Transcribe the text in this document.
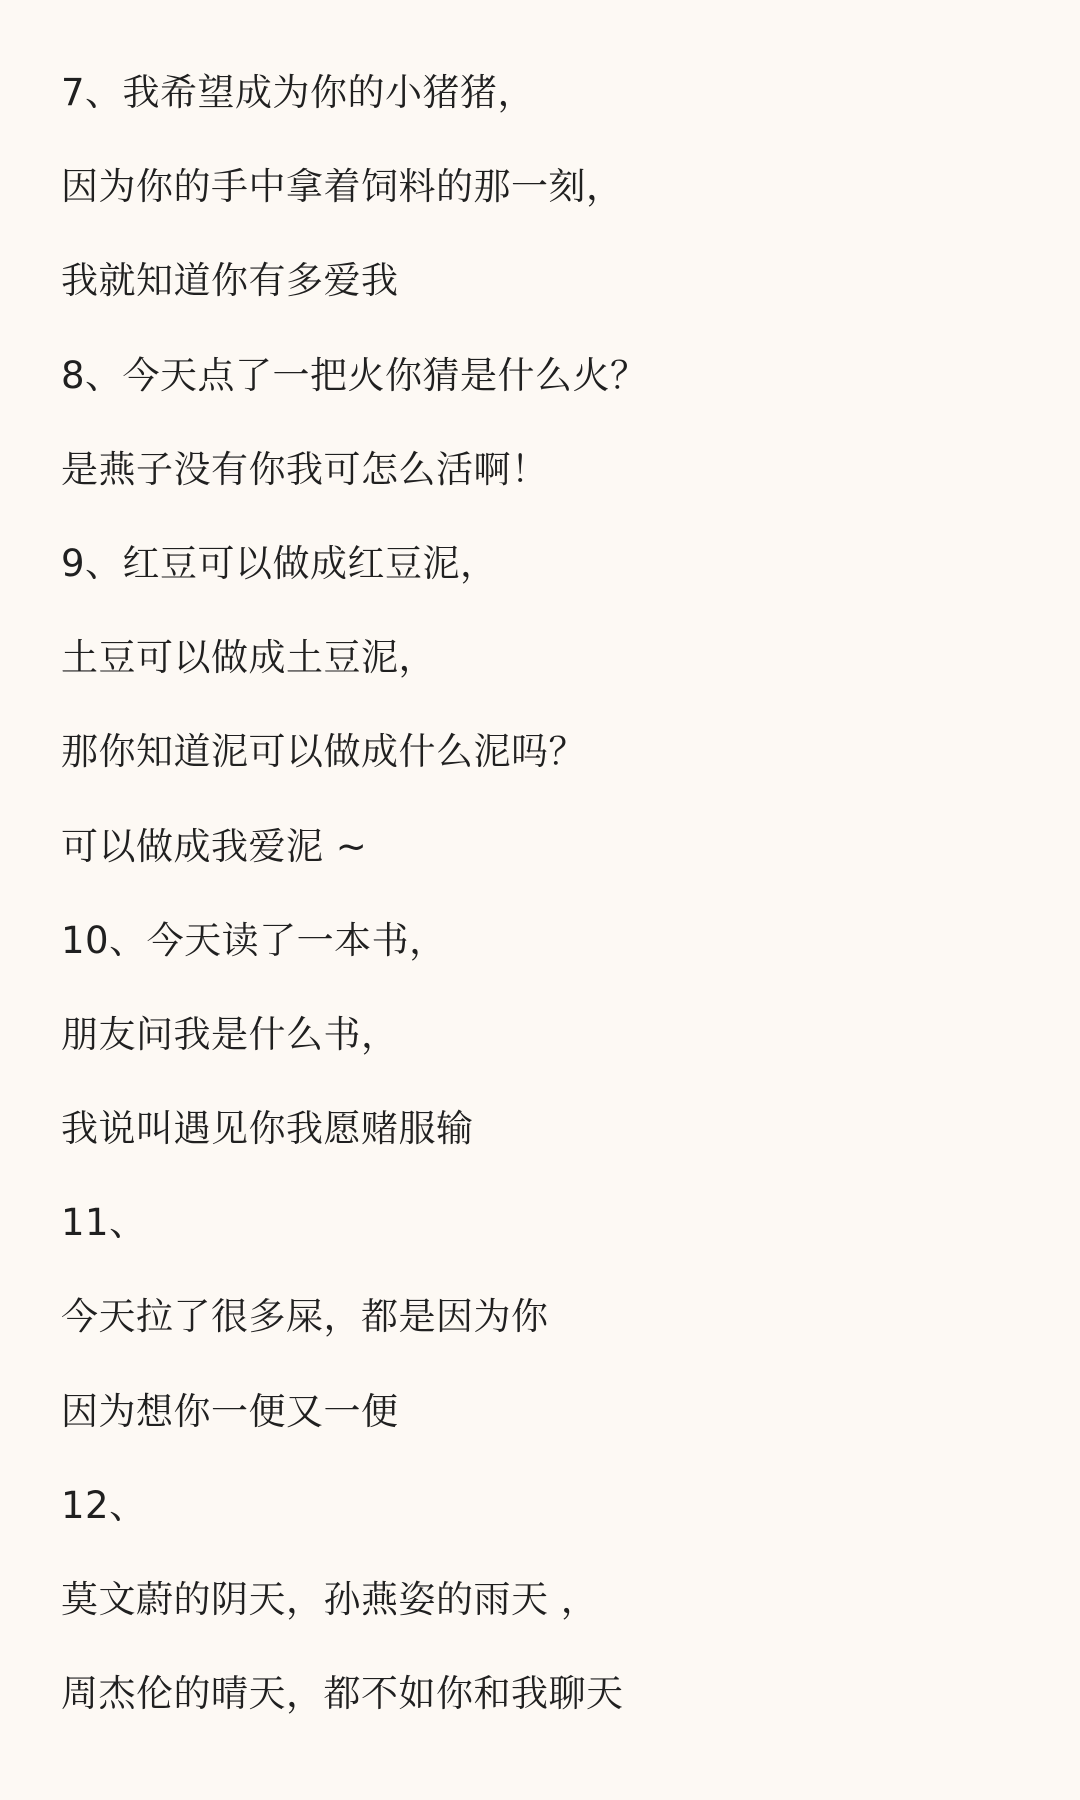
7、我希望成为你的小猪猪，
因为你的手中拿着饲料的那一刻，
我就知道你有多爱我
8、今天点了一把火你猜是什么火？
是燕子没有你我可怎么活啊！
9、红豆可以做成红豆泥，
土豆可以做成土豆泥，
那你知道泥可以做成什么泥吗？
可以做成我爱泥 ~
10、今天读了一本书，
朋友问我是什么书，
我说叫遇见你我愿赌服输
11、
今天拉了很多屎，都是因为你
因为想你一便又一便
12、
莫文蔚的阴天，孙燕姿的雨天 ，
周杰伦的晴天，都不如你和我聊天
